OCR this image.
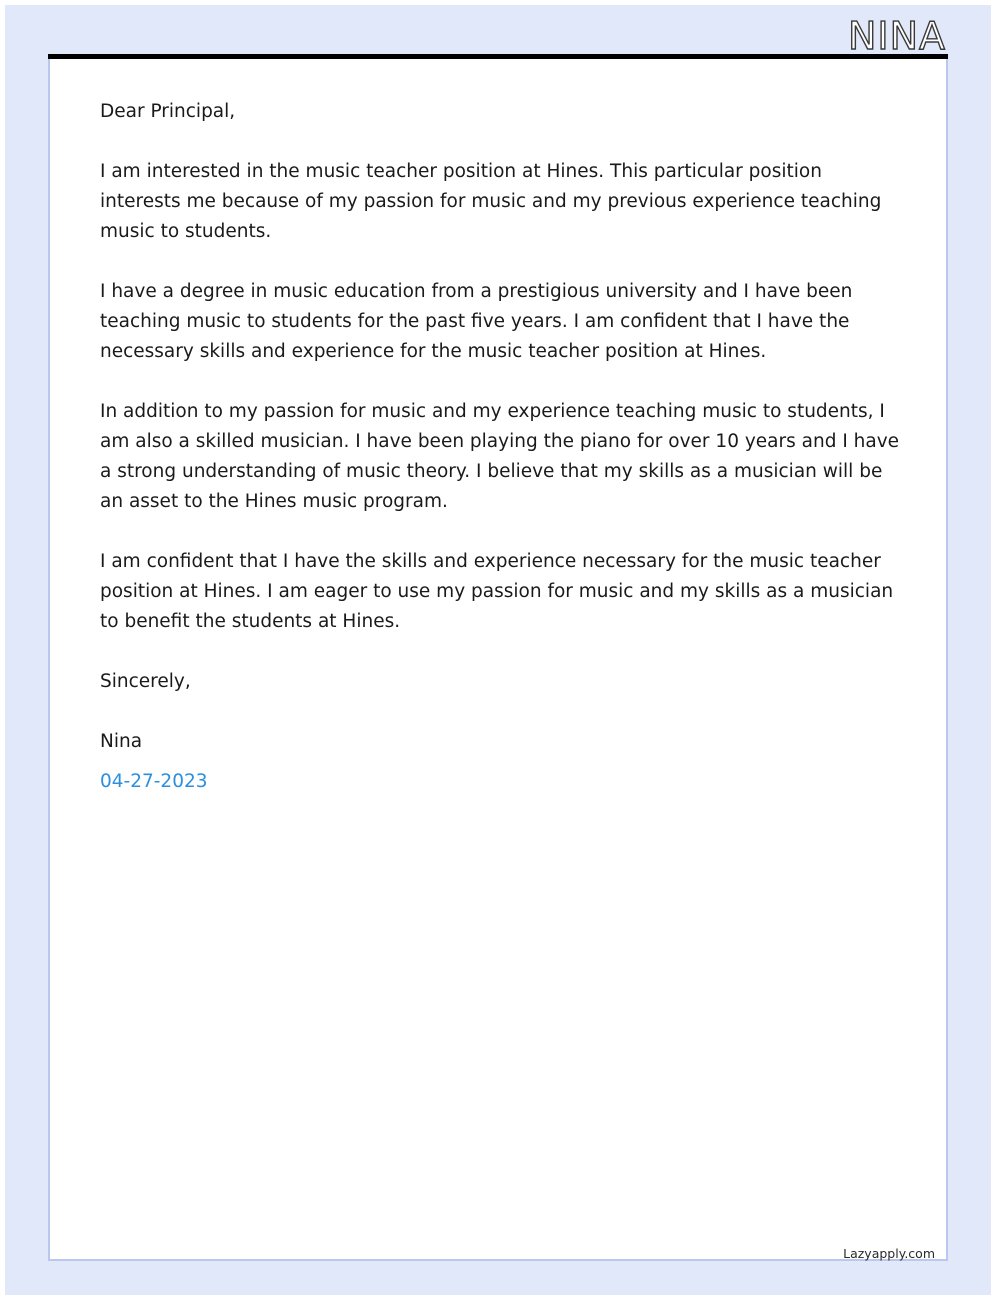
NINA

Dear Principal,

I am interested in the music teacher position at Hines. This particular position interests me because of my passion for music and my previous experience teaching music to students.

I have a degree in music education from a prestigious university and I have been teaching music to students for the past five years. I am confident that I have the necessary skills and experience for the music teacher position at Hines.

In addition to my passion for music and my experience teaching music to students, I am also a skilled musician. I have been playing the piano for over 10 years and I have a strong understanding of music theory. I believe that my skills as a musician will be an asset to the Hines music program.

I am confident that I have the skills and experience necessary for the music teacher position at Hines. I am eager to use my passion for music and my skills as a musician to benefit the students at Hines.

Sincerely,

Nina

04-27-2023
Lazyapply.com
